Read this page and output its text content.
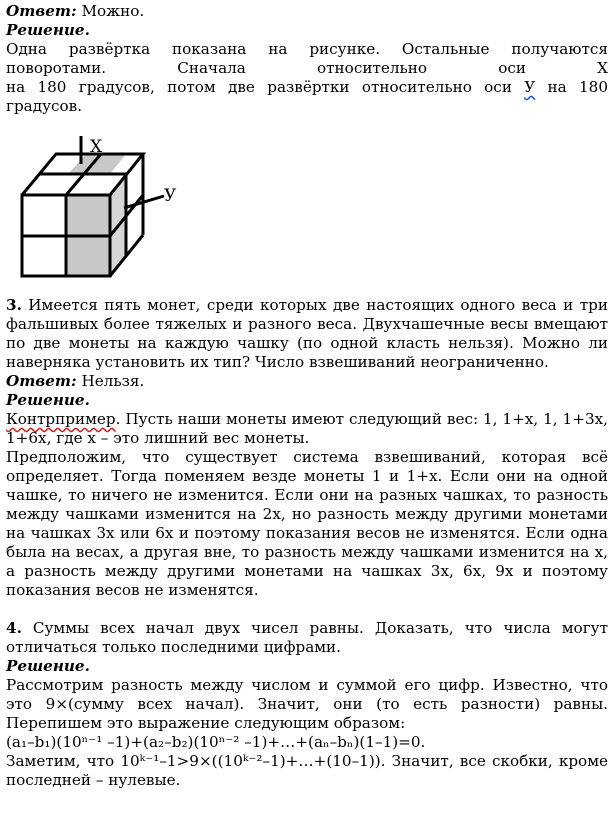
Ответ: Можно.

Решение.

Одна развёртка показана на рисунке. Остальные получаются поворотами. Сначала относительно оси X

на 180 градусов, потом две развёртки относительно оси У на 180 градусов.

X
У

3. Имеется пять монет, среди которых две настоящих одного веса и три фальшивых более тяжелых и разного веса. Двухчашечные весы вмещают по две монеты на каждую чашку (по одной класть нельзя). Можно ли наверняка установить их тип? Число взвешиваний неограниченно.

Ответ: Нельзя.

Решение.

Контрпример. Пусть наши монеты имеют следующий вес: 1, 1+x, 1, 1+3x, 1+6x, где x – это лишний вес монеты.

Предположим, что существует система взвешиваний, которая всё определяет. Тогда поменяем везде монеты 1 и 1+x. Если они на одной чашке, то ничего не изменится. Если они на разных чашках, то разность между чашками изменится на 2x, но разность между другими монетами на чашках 3x или 6x и поэтому показания весов не изменятся. Если одна была на весах, а другая вне, то разность между чашками изменится на x, а разность между другими монетами на чашках 3x, 6x, 9x и поэтому показания весов не изменятся.

4. Суммы всех начал двух чисел равны. Доказать, что числа могут отличаться только последними цифрами.

Решение.

Рассмотрим разность между числом и суммой его цифр. Известно, что это 9×(сумму всех начал). Значит, они (то есть разности) равны. Перепишем это выражение следующим образом:

(a₁–b₁)(10ⁿ⁻¹ –1)+(a₂–b₂)(10ⁿ⁻² –1)+…+(aₙ–bₙ)(1–1)=0.

Заметим, что 10ᵏ⁻¹–1>9×((10ᵏ⁻²–1)+…+(10–1)). Значит, все скобки, кроме последней – нулевые.
